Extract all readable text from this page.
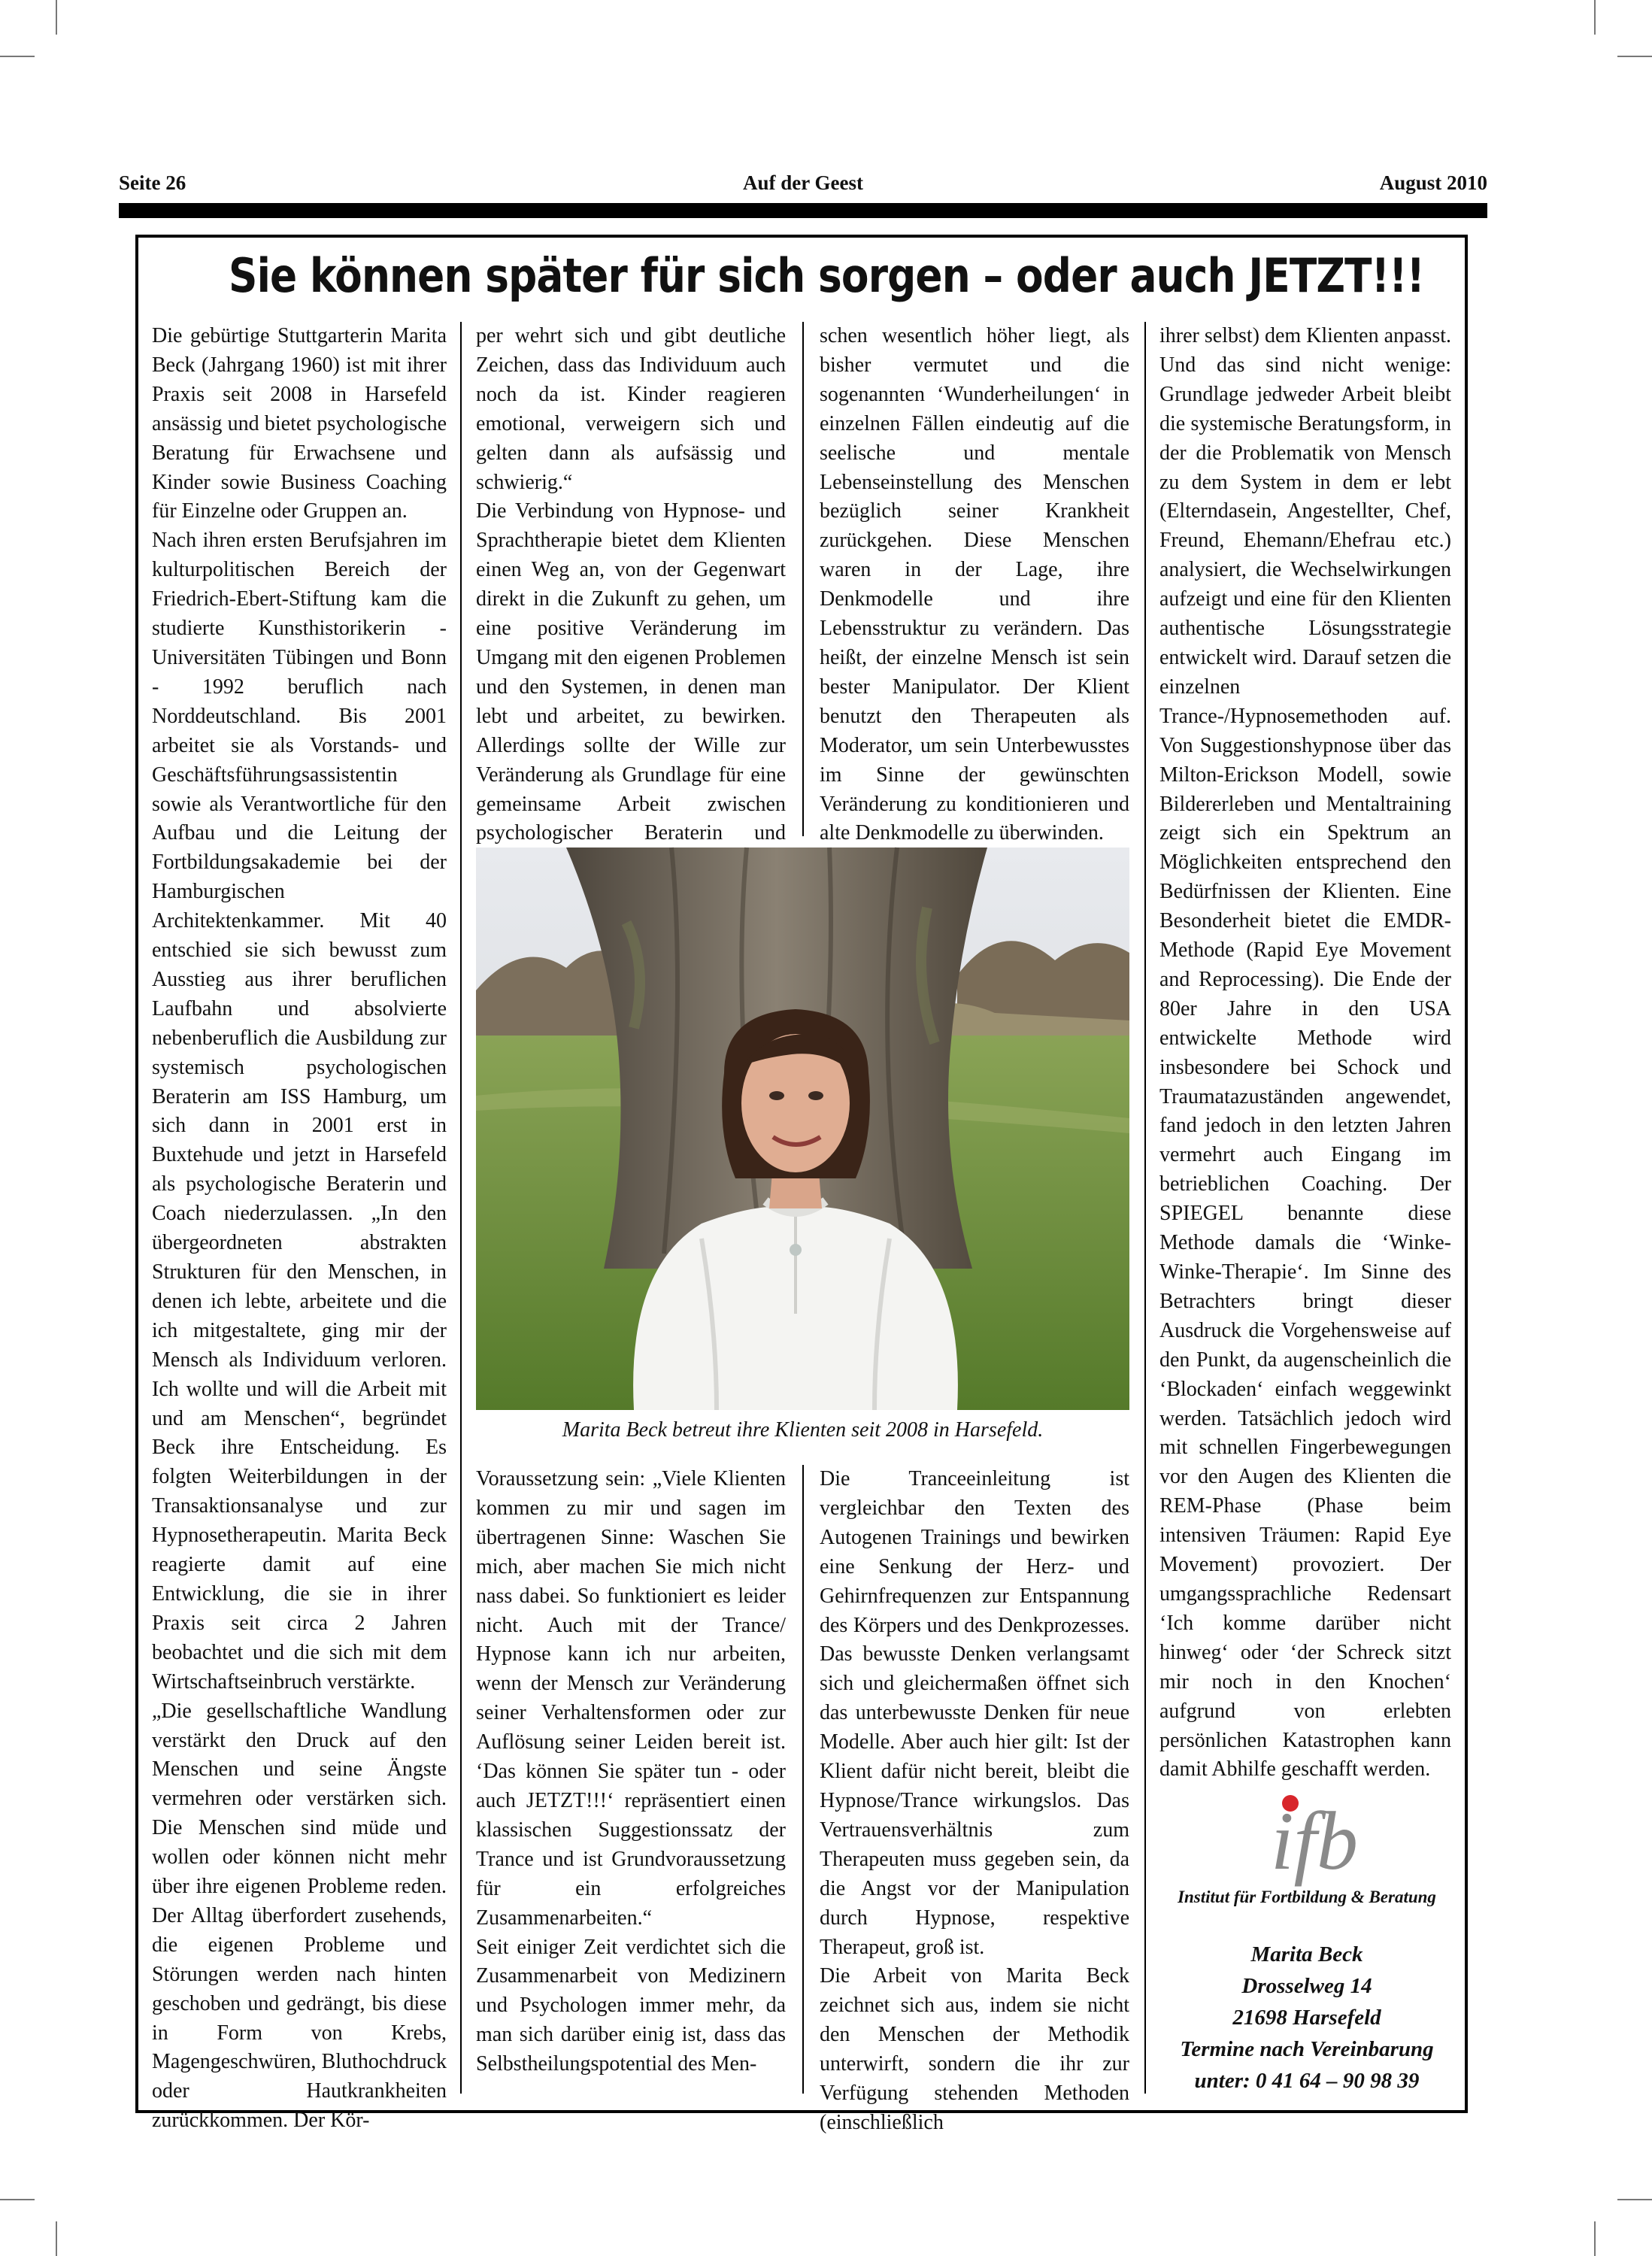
Seite 26	Auf der Geest	August 2010
Sie können später für sich sorgen – oder auch JETZT!!!

Die gebürtige Stuttgarterin Marita Beck (Jahrgang 1960) ist mit ihrer Praxis seit 2008 in Harsefeld ansässig und bietet psychologische Beratung für Erwachsene und Kinder sowie Business Coaching für Einzelne oder Gruppen an.

Nach ihren ersten Berufsjahren im kulturpolitischen Bereich der Friedrich-Ebert-Stiftung kam die studierte Kunsthistorikerin - Universitäten Tübingen und Bonn - 1992 beruflich nach Norddeutschland. Bis 2001 arbeitet sie als Vorstands- und Geschäftsführungsassistentin sowie als Verantwortliche für den Aufbau und die Leitung der Fortbildungsakademie bei der Hamburgischen Architektenkammer. Mit 40 entschied sie sich bewusst zum Ausstieg aus ihrer beruflichen Laufbahn und absolvierte nebenberuflich die Ausbildung zur systemisch psychologischen Beraterin am ISS Hamburg, um sich dann in 2001 erst in Buxtehude und jetzt in Harsefeld als psychologische Beraterin und Coach niederzulassen. „In den übergeordneten abstrakten Strukturen für den Menschen, in denen ich lebte, arbeitete und die ich mitgestaltete, ging mir der Mensch als Individuum verloren. Ich wollte und will die Arbeit mit und am Menschen“, begründet Beck ihre Entscheidung. Es folgten Weiterbildungen in der Transaktionsanalyse und zur Hypnosetherapeutin. Marita Beck reagierte damit auf eine Entwicklung, die sie in ihrer Praxis seit circa 2 Jahren beobachtet und die sich mit dem Wirtschaftseinbruch verstärkte.

„Die gesellschaftliche Wandlung verstärkt den Druck auf den Menschen und seine Ängste vermehren oder verstärken sich. Die Menschen sind müde und wollen oder können nicht mehr über ihre eigenen Probleme reden. Der Alltag überfordert zusehends, die eigenen Probleme und Störungen werden nach hinten geschoben und gedrängt, bis diese in Form von Krebs, Magengeschwüren, Bluthochdruck oder Hautkrankheiten zurückkommen. Der Kör-

per wehrt sich und gibt deutliche Zeichen, dass das Individuum auch noch da ist. Kinder reagieren emotional, verweigern sich und gelten dann als aufsässig und schwierig.“

Die Verbindung von Hypnose- und Sprachtherapie bietet dem Klienten einen Weg an, von der Gegenwart direkt in die Zukunft zu gehen, um eine positive Veränderung im Umgang mit den eigenen Problemen und den Systemen, in denen man lebt und arbeitet, zu bewirken. Allerdings sollte der Wille zur Veränderung als Grundlage für eine gemeinsame Arbeit zwischen psychologischer Beraterin und

schen wesentlich höher liegt, als bisher vermutet und die sogenannten ‘Wunderheilungen‘ in einzelnen Fällen eindeutig auf die seelische und mentale Lebenseinstellung des Menschen bezüglich seiner Krankheit zurückgehen. Diese Menschen waren in der Lage, ihre Denkmodelle und ihre Lebensstruktur zu verändern. Das heißt, der einzelne Mensch ist sein bester Manipulator. Der Klient benutzt den Therapeuten als Moderator, um sein Unterbewusstes im Sinne der gewünschten Veränderung zu konditionieren und alte Denkmodelle zu überwinden.

ihrer selbst) dem Klienten anpasst. Und das sind nicht wenige: Grundlage jedweder Arbeit bleibt die systemische Beratungsform, in der die Problematik von Mensch zu dem System in dem er lebt (Elterndasein, Angestellter, Chef, Freund, Ehemann/Ehefrau etc.) analysiert, die Wechselwirkungen aufzeigt und eine für den Klienten authentische Lösungsstrategie entwickelt wird. Darauf setzen die einzelnen Trance-/Hypnosemethoden auf. Von Suggestionshypnose über das Milton-Erickson Modell, sowie Bildererleben und Mentaltraining zeigt sich ein Spektrum an Möglichkeiten entsprechend den Bedürfnissen der Klienten. Eine Besonderheit bietet die EMDR-Methode (Rapid Eye Movement and Reprocessing). Die Ende der 80er Jahre in den USA entwickelte Methode wird insbesondere bei Schock und Traumatazuständen angewendet, fand jedoch in den letzten Jahren vermehrt auch Eingang im betrieblichen Coaching. Der SPIEGEL benannte diese Methode damals die ‘Winke-Winke-Therapie‘. Im Sinne des Betrachters bringt dieser Ausdruck die Vorgehensweise auf den Punkt, da augenscheinlich die ‘Blockaden‘ einfach weggewinkt werden. Tatsächlich jedoch wird mit schnellen Fingerbewegungen vor den Augen des Klienten die REM-Phase (Phase beim intensiven Träumen: Rapid Eye Movement) provoziert. Der umgangssprachliche Redensart ‘Ich komme darüber nicht hinweg‘ oder ‘der Schreck sitzt mir noch in den Knochen‘ aufgrund von erlebten persönlichen Katastrophen kann damit Abhilfe geschafft werden.

Marita Beck betreut ihre Klienten seit 2008 in Harsefeld.

Voraussetzung sein: „Viele Klienten kommen zu mir und sagen im übertragenen Sinne: Waschen Sie mich, aber machen Sie mich nicht nass dabei. So funktioniert es leider nicht. Auch mit der Trance/ Hypnose kann ich nur arbeiten, wenn der Mensch zur Veränderung seiner Verhaltensformen oder zur Auflösung seiner Leiden bereit ist. ‘Das können Sie später tun - oder auch JETZT!!!‘ repräsentiert einen klassischen Suggestionssatz der Trance und ist Grundvoraussetzung für ein erfolgreiches Zusammenarbeiten.“

Seit einiger Zeit verdichtet sich die Zusammenarbeit von Medizinern und Psychologen immer mehr, da man sich darüber einig ist, dass das Selbstheilungspotential des Men-

Die Tranceeinleitung ist vergleichbar den Texten des Autogenen Trainings und bewirken eine Senkung der Herz- und Gehirnfrequenzen zur Entspannung des Körpers und des Denkprozesses. Das bewusste Denken verlangsamt sich und gleichermaßen öffnet sich das unterbewusste Denken für neue Modelle. Aber auch hier gilt: Ist der Klient dafür nicht bereit, bleibt die Hypnose/Trance wirkungslos. Das Vertrauensverhältnis zum Therapeuten muss gegeben sein, da die Angst vor der Manipulation durch Hypnose, respektive Therapeut, groß ist.

Die Arbeit von Marita Beck zeichnet sich aus, indem sie nicht den Menschen der Methodik unterwirft, sondern die ihr zur Verfügung stehenden Methoden (einschließlich

ifb
Institut für Fortbildung & Beratung
Marita Beck
Drosselweg 14
21698 Harsefeld
Termine nach Vereinbarung
unter: 0 41 64 – 90 98 39
